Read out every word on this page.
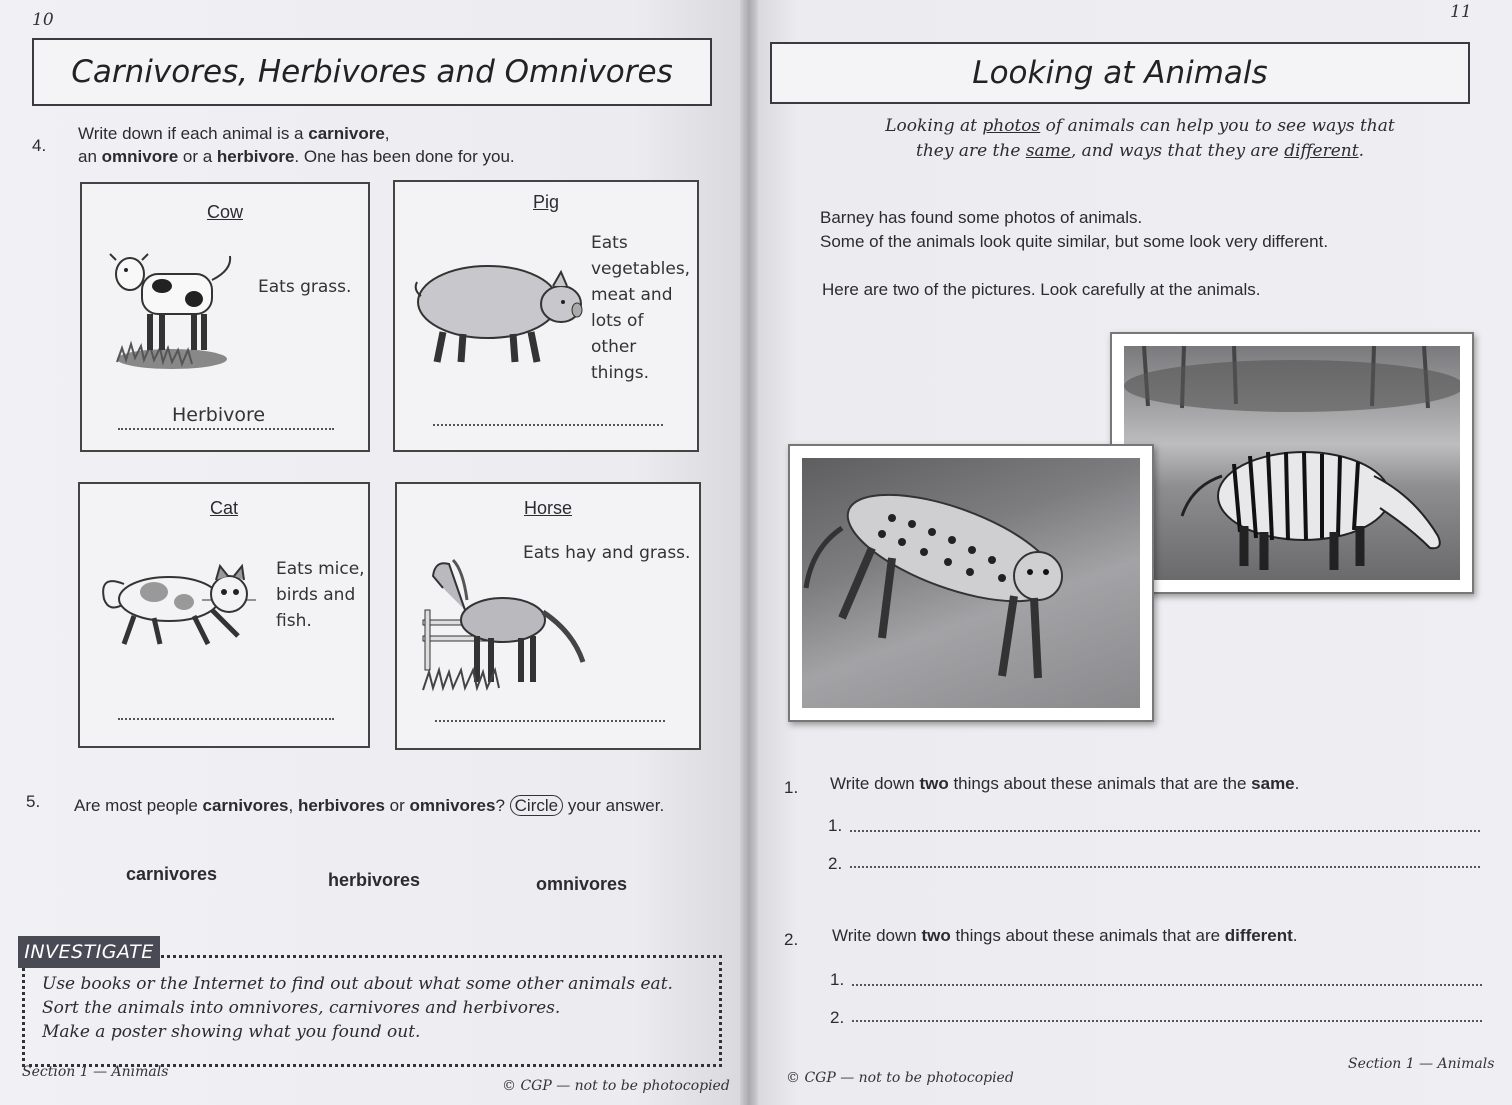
10
Carnivores, Herbivores and Omnivores
4.
Write down if each animal is a carnivore,
an omnivore or a herbivore. One has been done for you.
Cow
Eats grass.
Herbivore
Pig
Eats vegetables, meat and lots of other things.
Cat
Eats mice, birds and fish.
Horse
Eats hay and grass.
5. Are most people carnivores, herbivores or omnivores? Circle your answer.
carnivores	herbivores	omnivores
INVESTIGATE
Use books or the Internet to find out about what some other animals eat.
Sort the animals into omnivores, carnivores and herbivores.
Make a poster showing what you found out.
Section 1 — Animals
© CGP — not to be photocopied
11
Looking at Animals
Looking at photos of animals can help you to see ways that
they are the same, and ways that they are different.
Barney has found some photos of animals.
Some of the animals look quite similar, but some look very different.
Here are two of the pictures. Look carefully at the animals.
1. Write down two things about these animals that are the same.
1.
2.
2. Write down two things about these animals that are different.
1.
2.
© CGP — not to be photocopied
Section 1 — Animals
